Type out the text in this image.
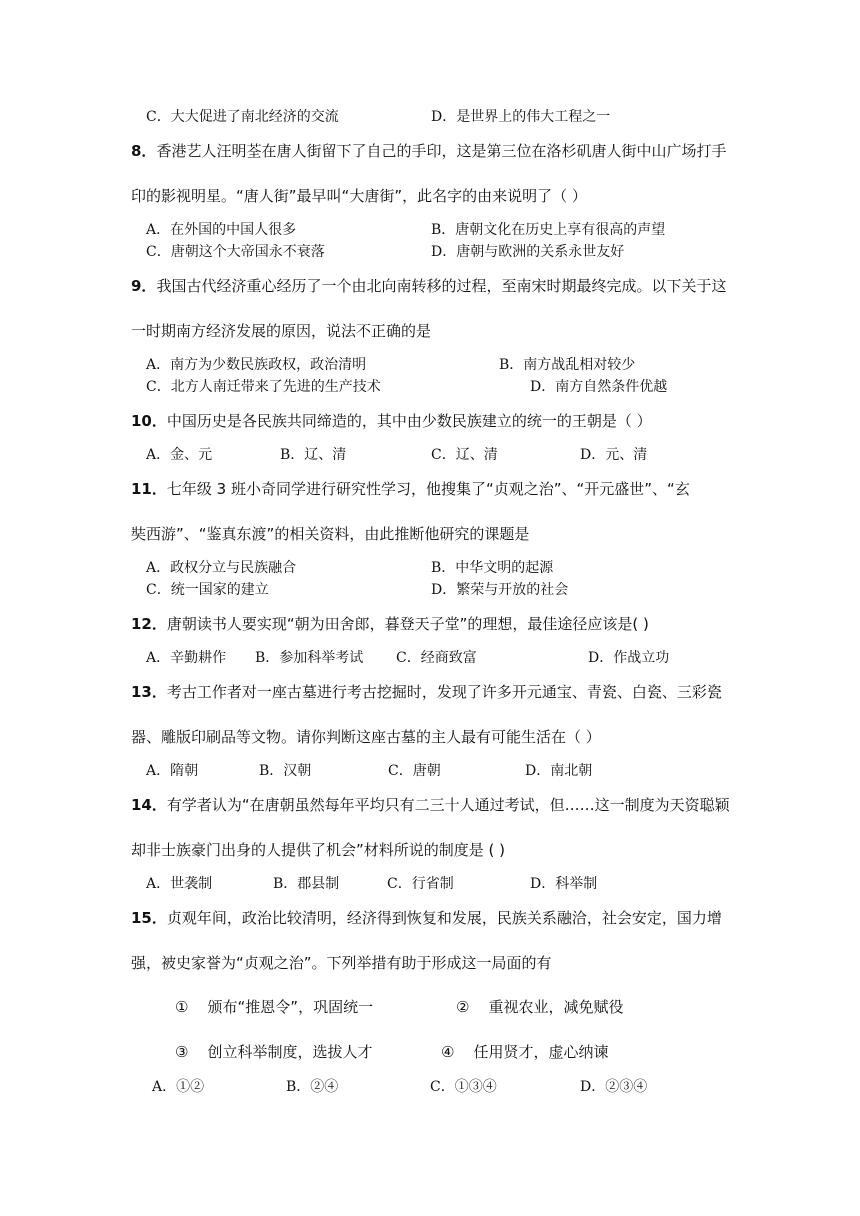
C．大大促进了南北经济的交流	D．是世界上的伟大工程之一
8．香港艺人汪明荃在唐人街留下了自己的手印，这是第三位在洛杉矶唐人街中山广场打手
印的影视明星。“唐人街”最早叫“大唐街”，此名字的由来说明了（ ）
A．在外国的中国人很多	B．唐朝文化在历史上享有很高的声望
C．唐朝这个大帝国永不衰落	D．唐朝与欧洲的关系永世友好
9．我国古代经济重心经历了一个由北向南转移的过程，至南宋时期最终完成。以下关于这
一时期南方经济发展的原因，说法不正确的是
A．南方为少数民族政权，政治清明	B．南方战乱相对较少
C．北方人南迁带来了先进的生产技术	D．南方自然条件优越
10．中国历史是各民族共同缔造的，其中由少数民族建立的统一的王朝是（ ）
A．金、元	B．辽、清	C．辽、清	D．元、清
11．七年级 3 班小奇同学进行研究性学习，他搜集了“贞观之治”、“开元盛世”、“玄
奘西游”、“鉴真东渡”的相关资料，由此推断他研究的课题是
A．政权分立与民族融合	B．中华文明的起源
C．统一国家的建立	D．繁荣与开放的社会
12．唐朝读书人要实现“朝为田舍郎，暮登天子堂”的理想，最佳途径应该是( )
A．辛勤耕作 B．参加科举考试 C．经商致富	D．作战立功
13．考古工作者对一座古墓进行考古挖掘时，发现了许多开元通宝、青瓷、白瓷、三彩瓷
器、雕版印刷品等文物。请你判断这座古墓的主人最有可能生活在（ ）
A．隋朝	B．汉朝	C．唐朝	D．南北朝
14．有学者认为“在唐朝虽然每年平均只有二三十人通过考试，但……这一制度为天资聪颖
却非士族豪门出身的人提供了机会”材料所说的制度是 ( )
A．世袭制	B．郡县制	C．行省制	D．科举制
15．贞观年间，政治比较清明，经济得到恢复和发展，民族关系融洽，社会安定，国力增
强，被史家誉为“贞观之治”。下列举措有助于形成这一局面的有
① 颁布“推恩令”，巩固统一	② 重视农业，减免赋役
③ 创立科举制度，选拔人才	④ 任用贤才，虚心纳谏
A．①②	B．②④	C．①③④	D．②③④
